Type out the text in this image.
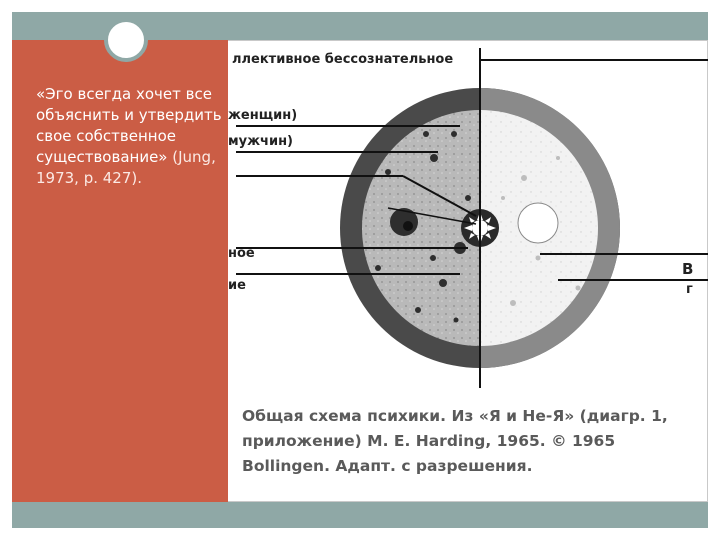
«Эго всегда хочет все объяснить и утвердить свое собственное существование» (Jung, 1973, p. 427).

ллективное бессознательное
женщин)
мужчин)
ное
ие
В
г

Общая схема психики. Из «Я и Не-Я» (диагр. 1, приложение) M. E. Harding, 1965. © 1965 Bollingen. Адапт. с разрешения.
